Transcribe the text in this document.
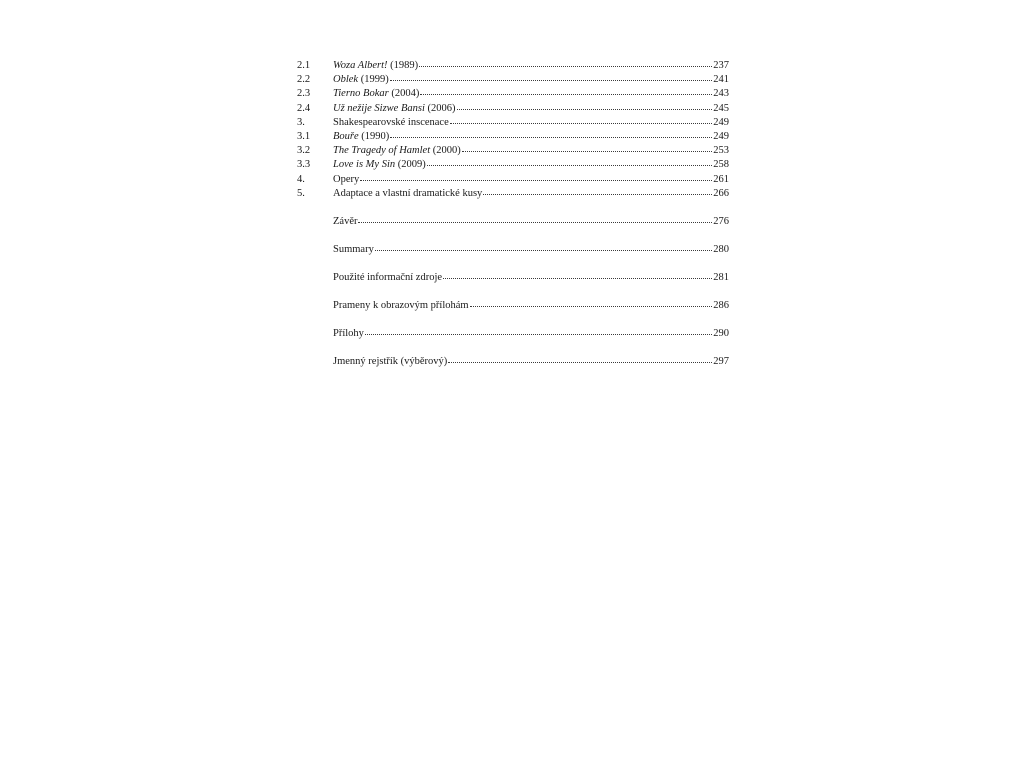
2.1	Woza Albert! (1989)	237
2.2	Oblek (1999)	241
2.3	Tierno Bokar (2004)	243
2.4	Už nežije Sizwe Bansi (2006)	245
3.	Shakespearovské inscenace	249
3.1	Bouře (1990)	249
3.2	The Tragedy of Hamlet (2000)	253
3.3	Love is My Sin (2009)	258
4.	Opery	261
5.	Adaptace a vlastní dramatické kusy	266
Závěr	276
Summary	280
Použité informační zdroje	281
Prameny k obrazovým přílohám	286
Přílohy	290
Jmenný rejstřík (výběrový)	297
